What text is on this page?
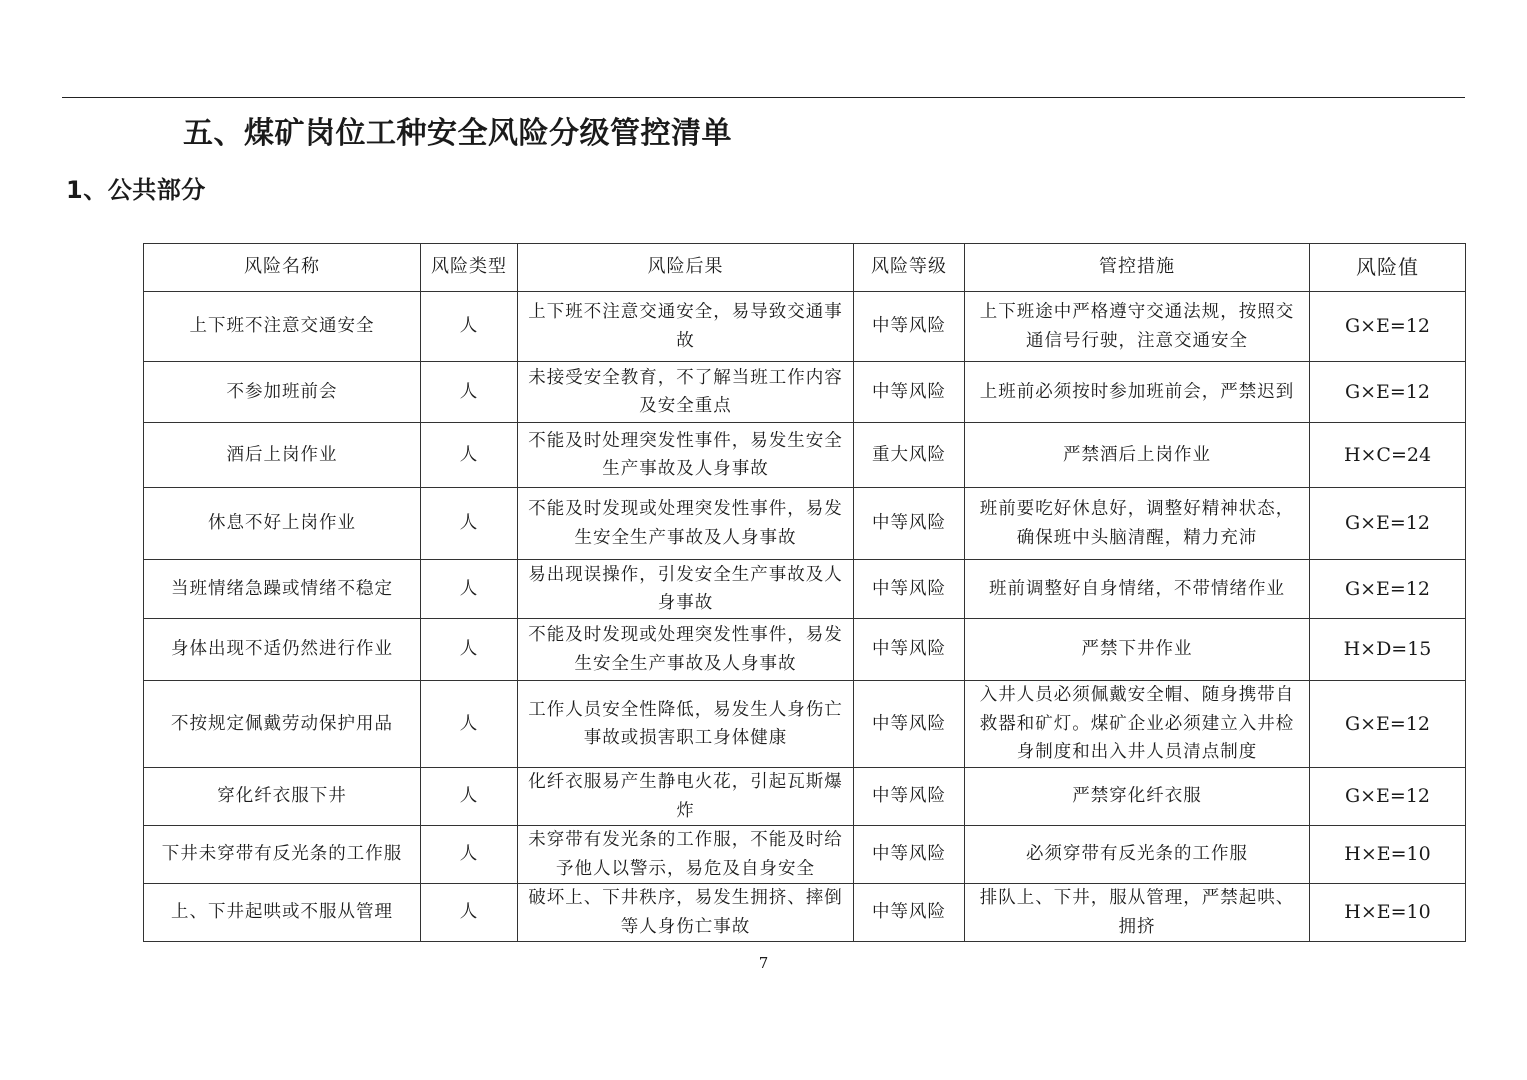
五、煤矿岗位工种安全风险分级管控清单
1、公共部分
风险名称	风险类型	风险后果	风险等级	管控措施	风险值
上下班不注意交通安全	人	上下班不注意交通安全，易导致交通事故	中等风险	上下班途中严格遵守交通法规，按照交通信号行驶，注意交通安全	G×E=12
不参加班前会	人	未接受安全教育，不了解当班工作内容及安全重点	中等风险	上班前必须按时参加班前会，严禁迟到	G×E=12
酒后上岗作业	人	不能及时处理突发性事件，易发生安全生产事故及人身事故	重大风险	严禁酒后上岗作业	H×C=24
休息不好上岗作业	人	不能及时发现或处理突发性事件，易发生安全生产事故及人身事故	中等风险	班前要吃好休息好，调整好精神状态，确保班中头脑清醒，精力充沛	G×E=12
当班情绪急躁或情绪不稳定	人	易出现误操作，引发安全生产事故及人身事故	中等风险	班前调整好自身情绪，不带情绪作业	G×E=12
身体出现不适仍然进行作业	人	不能及时发现或处理突发性事件，易发生安全生产事故及人身事故	中等风险	严禁下井作业	H×D=15
不按规定佩戴劳动保护用品	人	工作人员安全性降低，易发生人身伤亡事故或损害职工身体健康	中等风险	入井人员必须佩戴安全帽、随身携带自救器和矿灯。煤矿企业必须建立入井检身制度和出入井人员清点制度	G×E=12
穿化纤衣服下井	人	化纤衣服易产生静电火花，引起瓦斯爆炸	中等风险	严禁穿化纤衣服	G×E=12
下井未穿带有反光条的工作服	人	未穿带有发光条的工作服，不能及时给予他人以警示，易危及自身安全	中等风险	必须穿带有反光条的工作服	H×E=10
上、下井起哄或不服从管理	人	破坏上、下井秩序，易发生拥挤、摔倒等人身伤亡事故	中等风险	排队上、下井，服从管理，严禁起哄、拥挤	H×E=10
7
